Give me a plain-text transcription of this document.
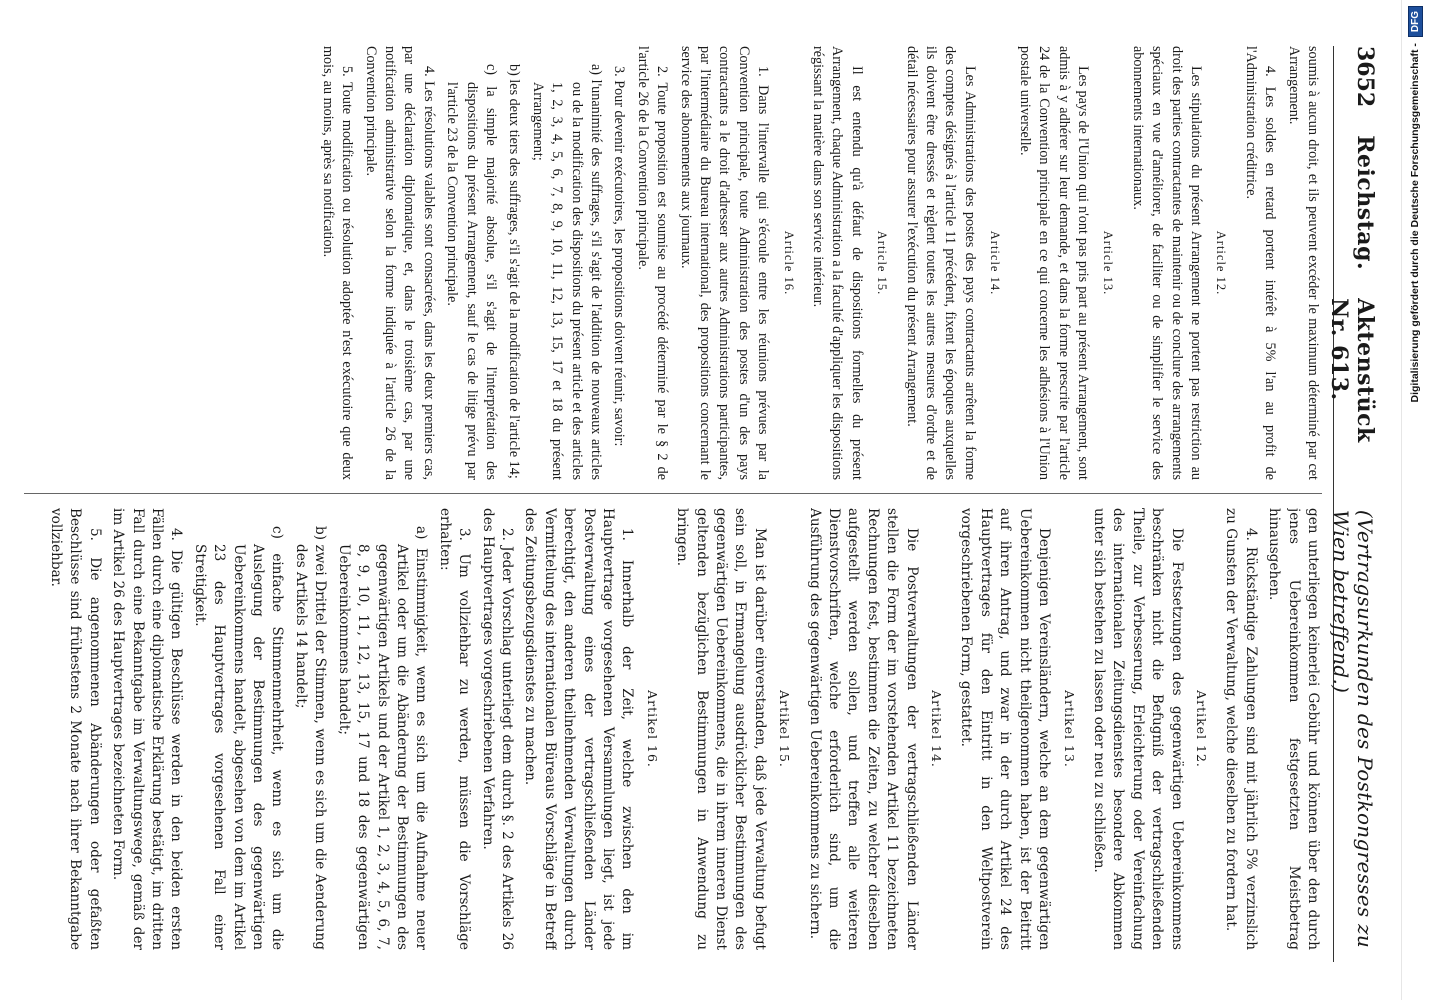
3652
Reichstag.
Aktenstück Nr. 613.
(Vertragsurkunden des Postkongresses zu Wien betreffend.)

soumis à aucun droit, et ils peuvent excéder le maximum déterminé par cet Arrangement.

4. Les soldes en retard portent intérêt à 5% l'an au profit de l'Administration créditrice.

Article 12.

Les stipulations du présent Arrangement ne portent pas restriction au droit des parties contractantes de maintenir ou de conclure des arrangements spéciaux en vue d'améliorer, de faciliter ou de simplifier le service des abonnements internationaux.

Article 13.

Les pays de l'Union qui n'ont pas pris part au présent Arrangement, sont admis à y adhérer sur leur demande, et dans la forme prescrite par l'article 24 de la Convention principale en ce qui concerne les adhésions à l'Union postale universelle.

Article 14.

Les Administrations des postes des pays contractants arrêtent la forme des comptes désignés à l'article 11 précédent, fixent les époques auxquelles ils doivent être dressés et règlent toutes les autres mesures d'ordre et de détail nécessaires pour assurer l'exécution du présent Arrangement.

Article 15.

Il est entendu qu'à défaut de dispositions formelles du présent Arrangement, chaque Administration a la faculté d'appliquer les dispositions régissant la matière dans son service intérieur.

Article 16.

1. Dans l'intervalle qui s'écoule entre les réunions prévues par la Convention principale, toute Administration des postes d'un des pays contractants a le droit d'adresser aux autres Administrations participantes, par l'intermédiaire du Bureau international, des propositions concernant le service des abonnements aux journaux.

2. Toute proposition est soumise au procédé déterminé par le § 2 de l'article 26 de la Convention principale.

3. Pour devenir exécutoires, les propositions doivent réunir, savoir:

a) l'unanimité des suffrages, s'il s'agit de l'addition de nouveaux articles ou de la modification des dispositions du présent article et des articles 1, 2, 3, 4, 5, 6, 7, 8, 9, 10, 11, 12, 13, 15, 17 et 18 du présent Arrangement;
b) les deux tiers des suffrages, s'il s'agit de la modification de l'article 14;
c) la simple majorité absolue, s'il s'agit de l'interprétation des dispositions du présent Arrangement, sauf le cas de litige prévu par l'article 23 de la Convention principale.

4. Les résolutions valables sont consacrées, dans les deux premiers cas, par une déclaration diplomatique, et, dans le troisième cas, par une notification administrative selon la forme indiquée à l'article 26 de la Convention principale.

5. Toute modification ou résolution adoptée n'est exécutoire que deux mois, au moins, après sa notification.

gen unterliegen keinerlei Gebühr und können über den durch jenes Uebereinkommen festgesetzten Meistbetrag hinausgehen.

4. Rückständige Zahlungen sind mit jährlich 5% verzinslich zu Gunsten der Verwaltung, welche dieselben zu fordern hat.

Artikel 12.

Die Festsetzungen des gegenwärtigen Uebereinkommens beschränken nicht die Befugniß der vertragschließenden Theile, zur Verbesserung, Erleichterung oder Vereinfachung des internationalen Zeitungsdienstes besondere Abkommen unter sich bestehen zu lassen oder neu zu schließen.

Artikel 13.

Denjenigen Vereinsländern, welche an dem gegenwärtigen Uebereinkommen nicht theilgenommen haben, ist der Beitritt auf ihren Antrag, und zwar in der durch Artikel 24 des Hauptvertrages für den Eintritt in den Weltpostverein vorgeschriebenen Form, gestattet.

Artikel 14.

Die Postverwaltungen der vertragschließenden Länder stellen die Form der im vorstehenden Artikel 11 bezeichneten Rechnungen fest, bestimmen die Zeiten, zu welcher dieselben aufgestellt werden sollen, und treffen alle weiteren Dienstvorschriften, welche erforderlich sind, um die Ausführung des gegenwärtigen Uebereinkommens zu sichern.

Artikel 15.

Man ist darüber einverstanden, daß jede Verwaltung befugt sein soll, in Ermangelung ausdrücklicher Bestimmungen des gegenwärtigen Uebereinkommens, die in ihrem inneren Dienst geltenden bezüglichen Bestimmungen in Anwendung zu bringen.

Artikel 16.

1. Innerhalb der Zeit, welche zwischen den im Hauptvertrage vorgesehenen Versammlungen liegt, ist jede Postverwaltung eines der vertragschließenden Länder berechtigt, den anderen theilnehmenden Verwaltungen durch Vermittelung des internationalen Büreaus Vorschläge in Betreff des Zeitungsbezugsdienstes zu machen.

2. Jeder Vorschlag unterliegt dem durch §. 2 des Artikels 26 des Hauptvertrages vorgeschriebenen Verfahren.

3. Um vollziehbar zu werden, müssen die Vorschläge erhalten:

a) Einstimmigkeit, wenn es sich um die Aufnahme neuer Artikel oder um die Abänderung der Bestimmungen des gegenwärtigen Artikels und der Artikel 1, 2, 3, 4, 5, 6, 7, 8, 9, 10, 11, 12, 13, 15, 17 und 18 des gegenwärtigen Uebereinkommens handelt;
b) zwei Drittel der Stimmen, wenn es sich um die Aenderung des Artikels 14 handelt;
c) einfache Stimmenmehrheit, wenn es sich um die Auslegung der Bestimmungen des gegenwärtigen Uebereinkommens handelt, abgesehen von dem im Artikel 23 des Hauptvertrages vorgesehenen Fall einer Streitigkeit.

4. Die gültigen Beschlüsse werden in den beiden ersten Fällen durch eine diplomatische Erklärung bestätigt, im dritten Fall durch eine Bekanntgabe im Verwaltungswege, gemäß der im Artikel 26 des Hauptvertrages bezeichneten Form.

5. Die angenommenen Abänderungen oder gefaßten Beschlüsse sind frühestens 2 Monate nach ihrer Bekanntgabe vollziehbar.

Digitalisierung gefördert durch die Deutsche Forschungsgemeinschaft -
DFG
